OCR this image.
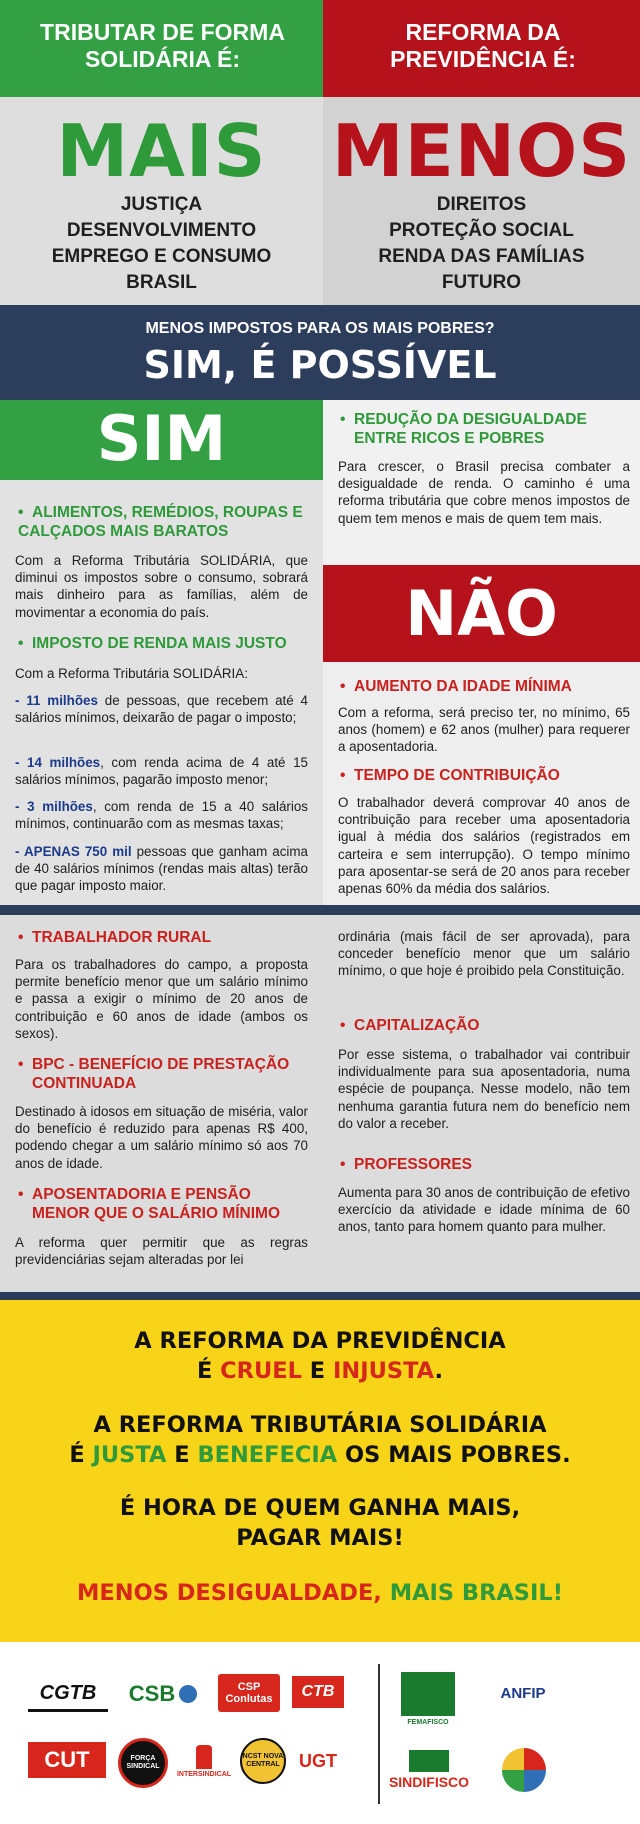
TRIBUTAR DE FORMA SOLIDÁRIA É:
REFORMA DA PREVIDÊNCIA É:
MAIS MENOS
JUSTIÇA
DESENVOLVIMENTO
EMPREGO E CONSUMO
BRASIL
DIREITOS
PROTEÇÃO SOCIAL
RENDA DAS FAMÍLIAS
FUTURO
MENOS IMPOSTOS PARA OS MAIS POBRES?
SIM, É POSSÍVEL
SIM
NÃO
• ALIMENTOS, REMÉDIOS, ROUPAS E CALÇADOS MAIS BARATOS
Com a Reforma Tributária SOLIDÁRIA, que diminui os impostos sobre o consumo, sobrará mais dinheiro para as famílias, além de movimentar a economia do país.
• IMPOSTO DE RENDA MAIS JUSTO
Com a Reforma Tributária SOLIDÁRIA:
- 11 milhões de pessoas, que recebem até 4 salários mínimos, deixarão de pagar o imposto;
- 14 milhões, com renda acima de 4 até 15 salários mínimos, pagarão imposto menor;
- 3 milhões, com renda de 15 a 40 salários mínimos, continuarão com as mesmas taxas;
- APENAS 750 mil pessoas que ganham acima de 40 salários mínimos (rendas mais altas) terão que pagar imposto maior.
• REDUÇÃO DA DESIGUALDADE ENTRE RICOS E POBRES
Para crescer, o Brasil precisa combater a desigualdade de renda. O caminho é uma reforma tributária que cobre menos impostos de quem tem menos e mais de quem tem mais.
• AUMENTO DA IDADE MÍNIMA
Com a reforma, será preciso ter, no mínimo, 65 anos (homem) e 62 anos (mulher) para requerer a aposentadoria.
• TEMPO DE CONTRIBUIÇÃO
O trabalhador deverá comprovar 40 anos de contribuição para receber uma aposentadoria igual à média dos salários (registrados em carteira e sem interrupção). O tempo mínimo para aposentar-se será de 20 anos para receber apenas 60% da média dos salários.
• TRABALHADOR RURAL
Para os trabalhadores do campo, a proposta permite benefício menor que um salário mínimo e passa a exigir o mínimo de 20 anos de contribuição e 60 anos de idade (ambos os sexos).
• BPC - BENEFÍCIO DE PRESTAÇÃO CONTINUADA
Destinado à idosos em situação de miséria, valor do benefício é reduzido para apenas R$ 400, podendo chegar a um salário mínimo só aos 70 anos de idade.
• APOSENTADORIA E PENSÃO MENOR QUE O SALÁRIO MÍNIMO
A reforma quer permitir que as regras previdenciárias sejam alteradas por lei
ordinária (mais fácil de ser aprovada), para conceder benefício menor que um salário mínimo, o que hoje é proibido pela Constituição.
• CAPITALIZAÇÃO
Por esse sistema, o trabalhador vai contribuir individualmente para sua aposentadoria, numa espécie de poupança. Nesse modelo, não tem nenhuma garantia futura nem do benefício nem do valor a receber.
• PROFESSORES
Aumenta para 30 anos de contribuição de efetivo exercício da atividade e idade mínima de 60 anos, tanto para homem quanto para mulher.
A REFORMA DA PREVIDÊNCIA
É CRUEL E INJUSTA.
A REFORMA TRIBUTÁRIA SOLIDÁRIA
É JUSTA E BENEFECIA OS MAIS POBRES.
É HORA DE QUEM GANHA MAIS,
PAGAR MAIS!
MENOS DESIGUALDADE, MAIS BRASIL!
CGTB CSB	CSP Conlutas	CTB
CUT	FORÇA SINDICAL
INTERSINDICAL
NCST NOVA CENTRAL UGT
FEMAFISCO
ANFIP
SINDIFISCO
